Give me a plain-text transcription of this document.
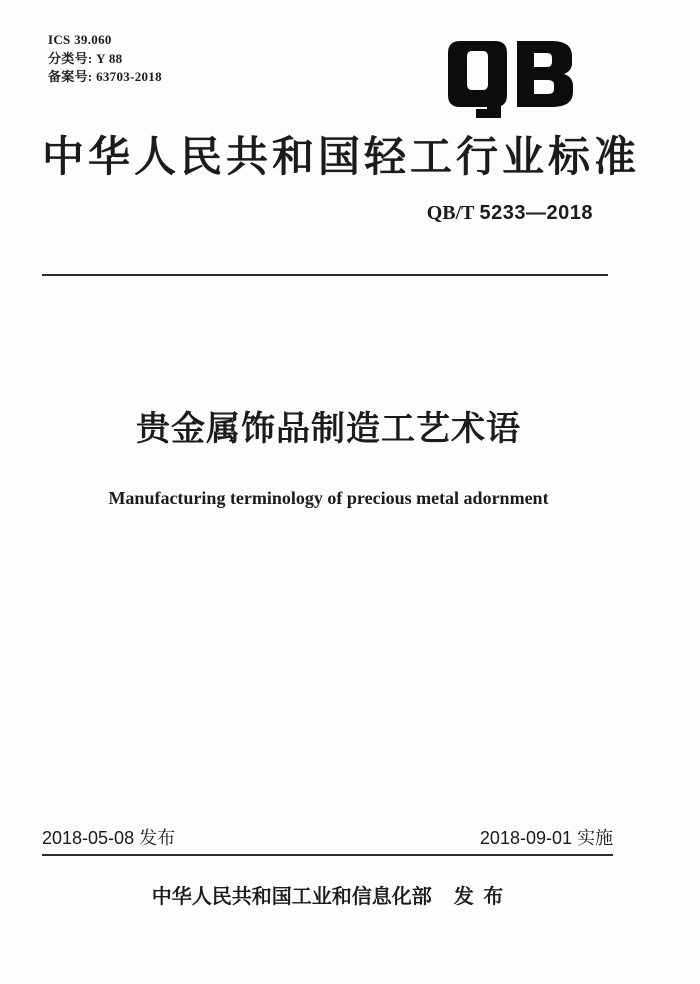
ICS 39.060
分类号: Y 88
备案号: 63703-2018
中华人民共和国轻工行业标准
QB/T 5233—2018
贵金属饰品制造工艺术语
Manufacturing terminology of precious metal adornment
2018-05-08 发布	2018-09-01 实施
中华人民共和国工业和信息化部 发 布
